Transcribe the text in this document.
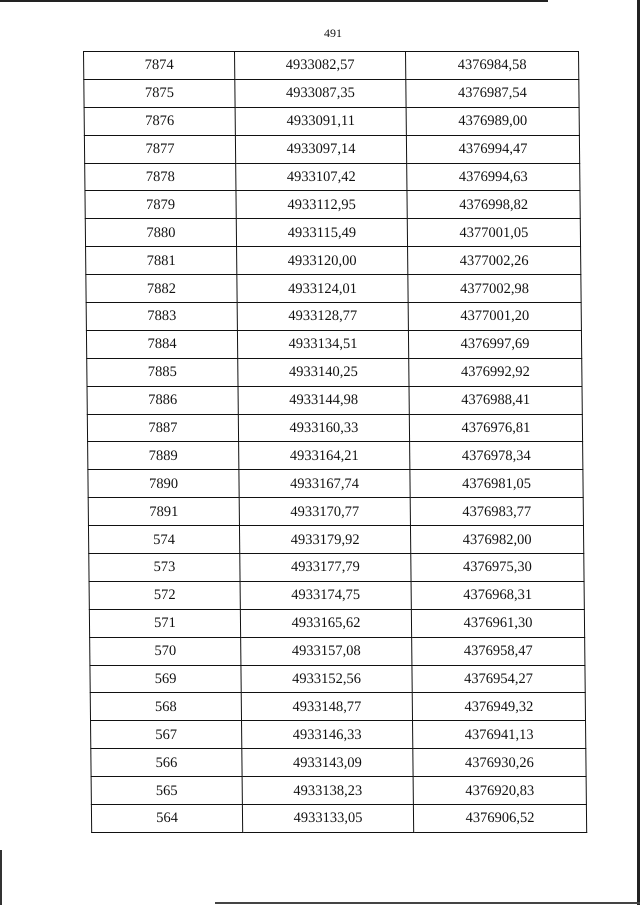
491
7874	4933082,57	4376984,58
7875	4933087,35	4376987,54
7876	4933091,11	4376989,00
7877	4933097,14	4376994,47
7878	4933107,42	4376994,63
7879	4933112,95	4376998,82
7880	4933115,49	4377001,05
7881	4933120,00	4377002,26
7882	4933124,01	4377002,98
7883	4933128,77	4377001,20
7884	4933134,51	4376997,69
7885	4933140,25	4376992,92
7886	4933144,98	4376988,41
7887	4933160,33	4376976,81
7889	4933164,21	4376978,34
7890	4933167,74	4376981,05
7891	4933170,77	4376983,77
574	4933179,92	4376982,00
573	4933177,79	4376975,30
572	4933174,75	4376968,31
571	4933165,62	4376961,30
570	4933157,08	4376958,47
569	4933152,56	4376954,27
568	4933148,77	4376949,32
567	4933146,33	4376941,13
566	4933143,09	4376930,26
565	4933138,23	4376920,83
564	4933133,05	4376906,52
